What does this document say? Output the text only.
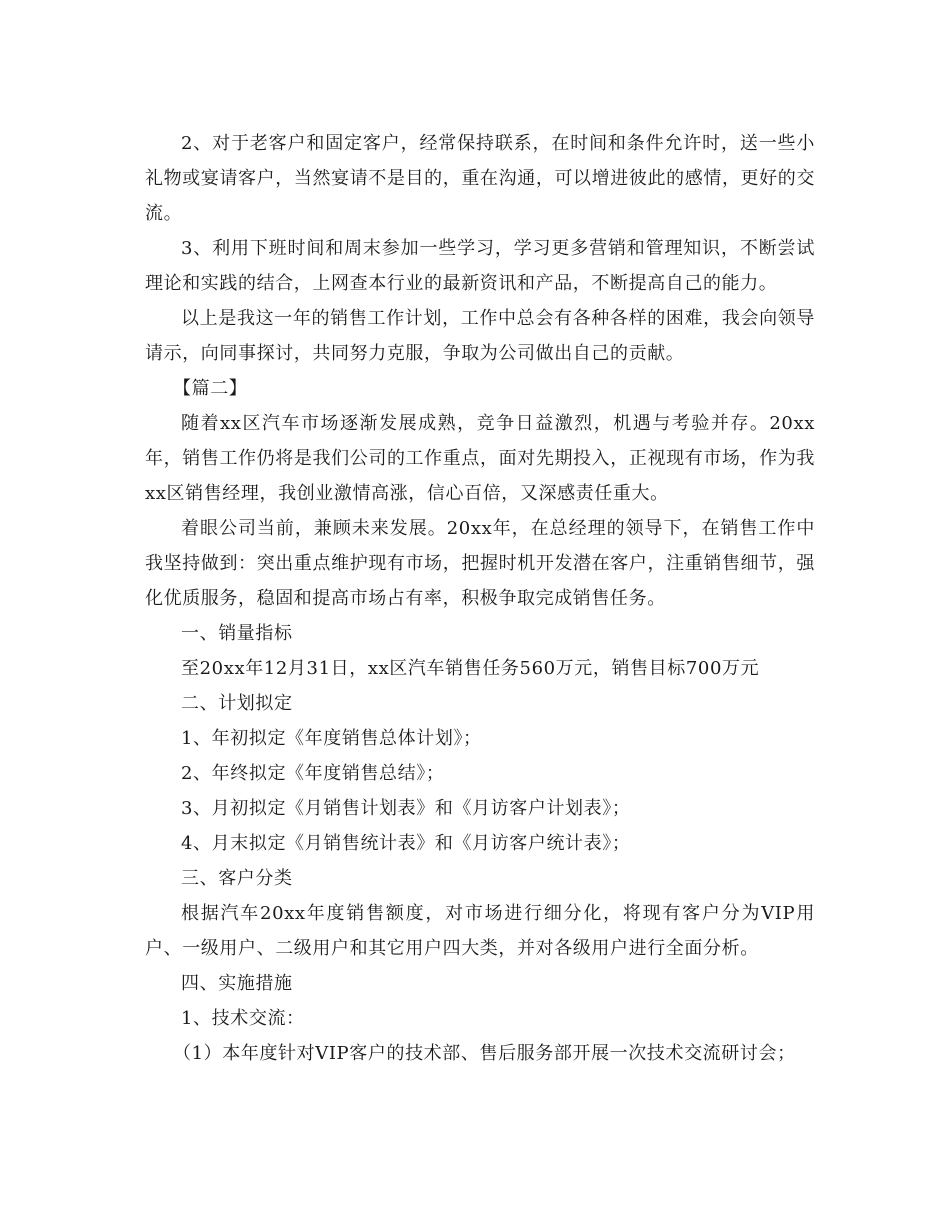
2、对于老客户和固定客户，经常保持联系，在时间和条件允许时，送一些小礼物或宴请客户，当然宴请不是目的，重在沟通，可以增进彼此的感情，更好的交流。

3、利用下班时间和周末参加一些学习，学习更多营销和管理知识，不断尝试理论和实践的结合，上网查本行业的最新资讯和产品，不断提高自己的能力。

以上是我这一年的销售工作计划，工作中总会有各种各样的困难，我会向领导请示，向同事探讨，共同努力克服，争取为公司做出自己的贡献。

【篇二】

随着xx区汽车市场逐渐发展成熟，竞争日益激烈，机遇与考验并存。20xx年，销售工作仍将是我们公司的工作重点，面对先期投入，正视现有市场，作为我xx区销售经理，我创业激情高涨，信心百倍，又深感责任重大。

着眼公司当前，兼顾未来发展。20xx年，在总经理的领导下，在销售工作中我坚持做到：突出重点维护现有市场，把握时机开发潜在客户，注重销售细节，强化优质服务，稳固和提高市场占有率，积极争取完成销售任务。

一、销量指标

至20xx年12月31日，xx区汽车销售任务560万元，销售目标700万元

二、计划拟定

1、年初拟定《年度销售总体计划》；

2、年终拟定《年度销售总结》；

3、月初拟定《月销售计划表》和《月访客户计划表》；

4、月末拟定《月销售统计表》和《月访客户统计表》；

三、客户分类

根据汽车20xx年度销售额度，对市场进行细分化，将现有客户分为VIP用户、一级用户、二级用户和其它用户四大类，并对各级用户进行全面分析。

四、实施措施

1、技术交流：

（1）本年度针对VIP客户的技术部、售后服务部开展一次技术交流研讨会；
